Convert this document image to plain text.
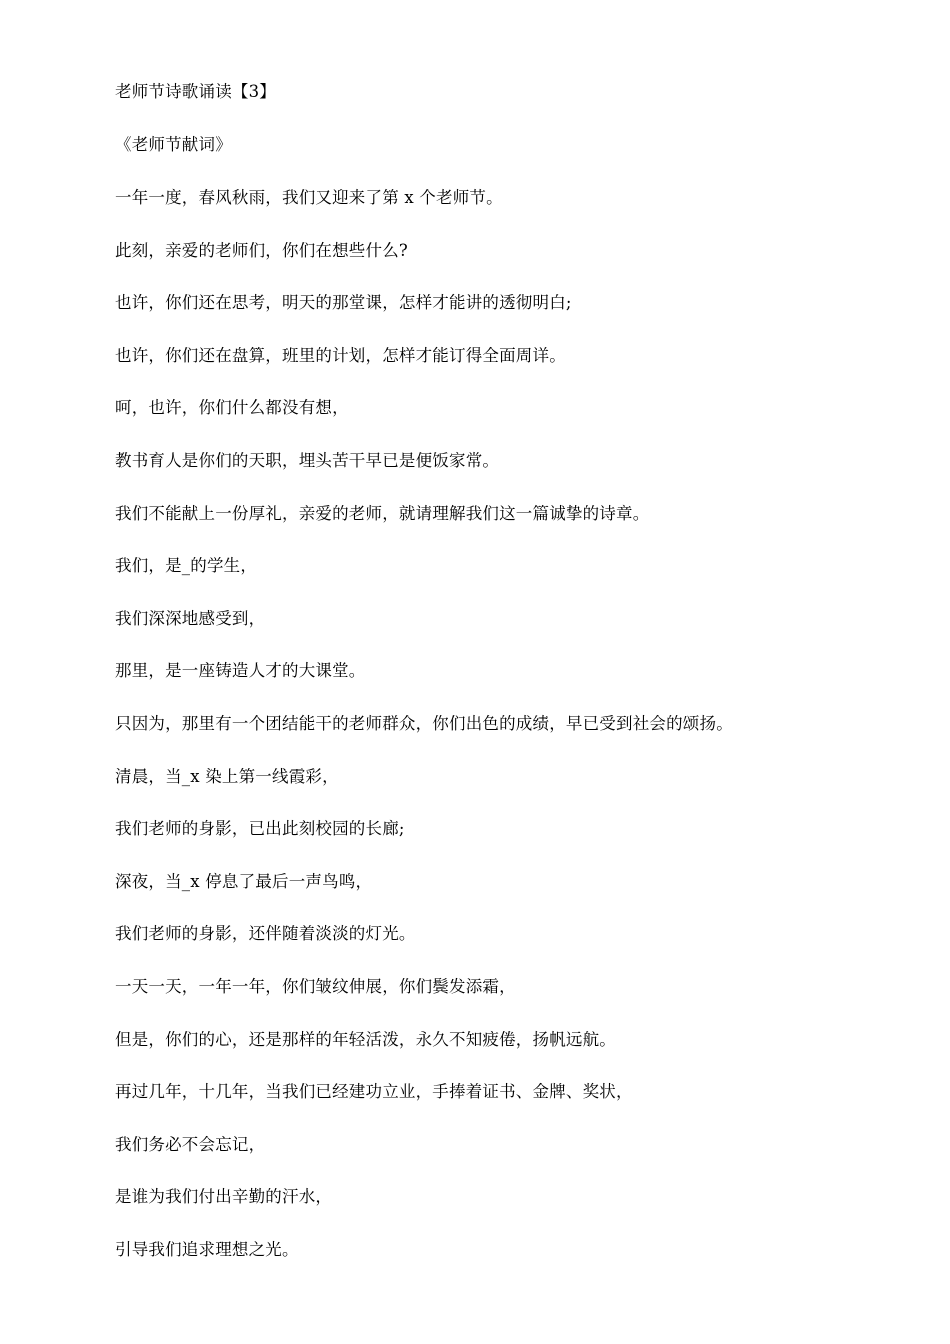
老师节诗歌诵读【3】
《老师节献词》
一年一度，春风秋雨，我们又迎来了第 x 个老师节。
此刻，亲爱的老师们，你们在想些什么?
也许，你们还在思考，明天的那堂课，怎样才能讲的透彻明白;
也许，你们还在盘算，班里的计划，怎样才能订得全面周详。
呵，也许，你们什么都没有想，
教书育人是你们的天职，埋头苦干早已是便饭家常。
我们不能献上一份厚礼，亲爱的老师，就请理解我们这一篇诚挚的诗章。
我们，是_的学生，
我们深深地感受到，
那里，是一座铸造人才的大课堂。
只因为，那里有一个团结能干的老师群众，你们出色的成绩，早已受到社会的颂扬。
清晨，当_x 染上第一线霞彩，
我们老师的身影，已出此刻校园的长廊;
深夜，当_x 停息了最后一声鸟鸣，
我们老师的身影，还伴随着淡淡的灯光。
一天一天，一年一年，你们皱纹伸展，你们鬓发添霜，
但是，你们的心，还是那样的年轻活泼，永久不知疲倦，扬帆远航。
再过几年，十几年，当我们已经建功立业，手捧着证书、金牌、奖状，
我们务必不会忘记，
是谁为我们付出辛勤的汗水，
引导我们追求理想之光。
